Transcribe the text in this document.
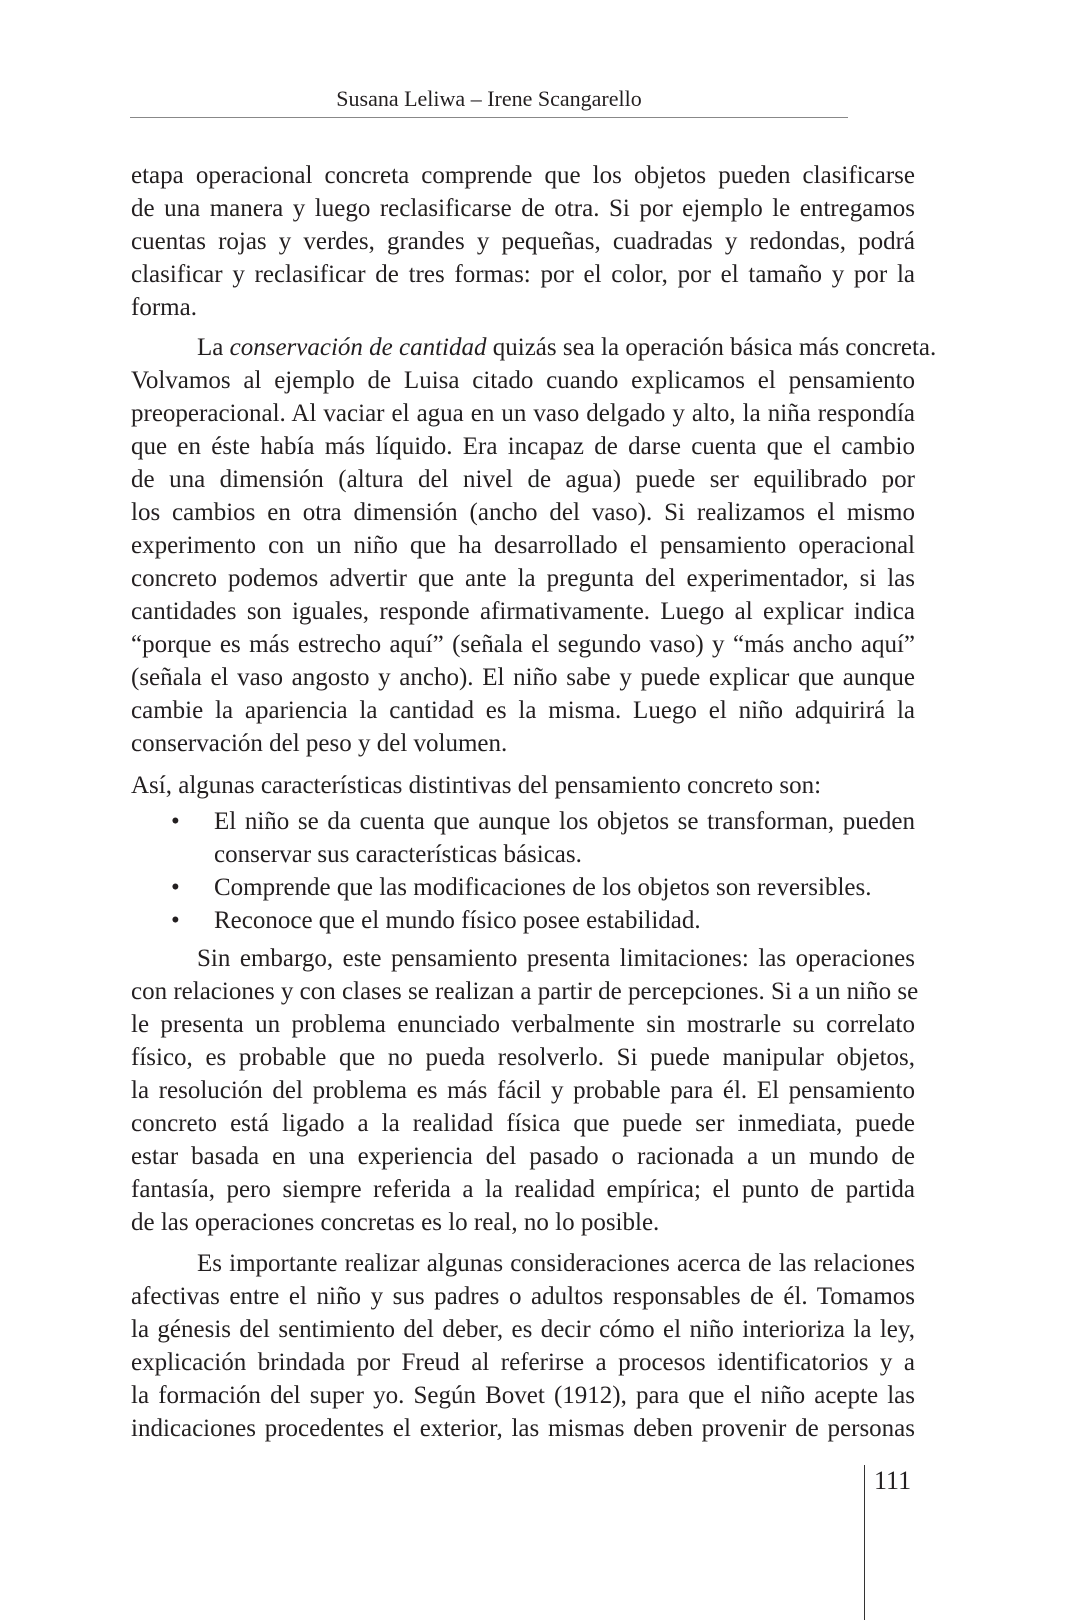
Susana Leliwa – Irene Scangarello
etapa operacional concreta comprende que los objetos pueden clasificarse
de una manera y luego reclasificarse de otra. Si por ejemplo le entregamos
cuentas rojas y verdes, grandes y pequeñas, cuadradas y redondas, podrá
clasificar y reclasificar de tres formas: por el color, por el tamaño y por la
forma.
La conservación de cantidad quizás sea la operación básica más concreta.
Volvamos al ejemplo de Luisa citado cuando explicamos el pensamiento
preoperacional. Al vaciar el agua en un vaso delgado y alto, la niña respondía
que en éste había más líquido. Era incapaz de darse cuenta que el cambio
de una dimensión (altura del nivel de agua) puede ser equilibrado por
los cambios en otra dimensión (ancho del vaso). Si realizamos el mismo
experimento con un niño que ha desarrollado el pensamiento operacional
concreto podemos advertir que ante la pregunta del experimentador, si las
cantidades son iguales, responde afirmativamente. Luego al explicar indica
“porque es más estrecho aquí” (señala el segundo vaso) y “más ancho aquí”
(señala el vaso angosto y ancho). El niño sabe y puede explicar que aunque
cambie la apariencia la cantidad es la misma. Luego el niño adquirirá la
conservación del peso y del volumen.
Así, algunas características distintivas del pensamiento concreto son:
El niño se da cuenta que aunque los objetos se transforman, pueden
•
conservar sus características básicas.
Comprende que las modificaciones de los objetos son reversibles.
•
Reconoce que el mundo físico posee estabilidad.
•
Sin embargo, este pensamiento presenta limitaciones: las operaciones
con relaciones y con clases se realizan a partir de percepciones. Si a un niño se
le presenta un problema enunciado verbalmente sin mostrarle su correlato
físico, es probable que no pueda resolverlo. Si puede manipular objetos,
la resolución del problema es más fácil y probable para él. El pensamiento
concreto está ligado a la realidad física que puede ser inmediata, puede
estar basada en una experiencia del pasado o racionada a un mundo de
fantasía, pero siempre referida a la realidad empírica; el punto de partida
de las operaciones concretas es lo real, no lo posible.
Es importante realizar algunas consideraciones acerca de las relaciones
afectivas entre el niño y sus padres o adultos responsables de él. Tomamos
la génesis del sentimiento del deber, es decir cómo el niño interioriza la ley,
explicación brindada por Freud al referirse a procesos identificatorios y a
la formación del super yo. Según Bovet (1912), para que el niño acepte las
indicaciones procedentes el exterior, las mismas deben provenir de personas
111
